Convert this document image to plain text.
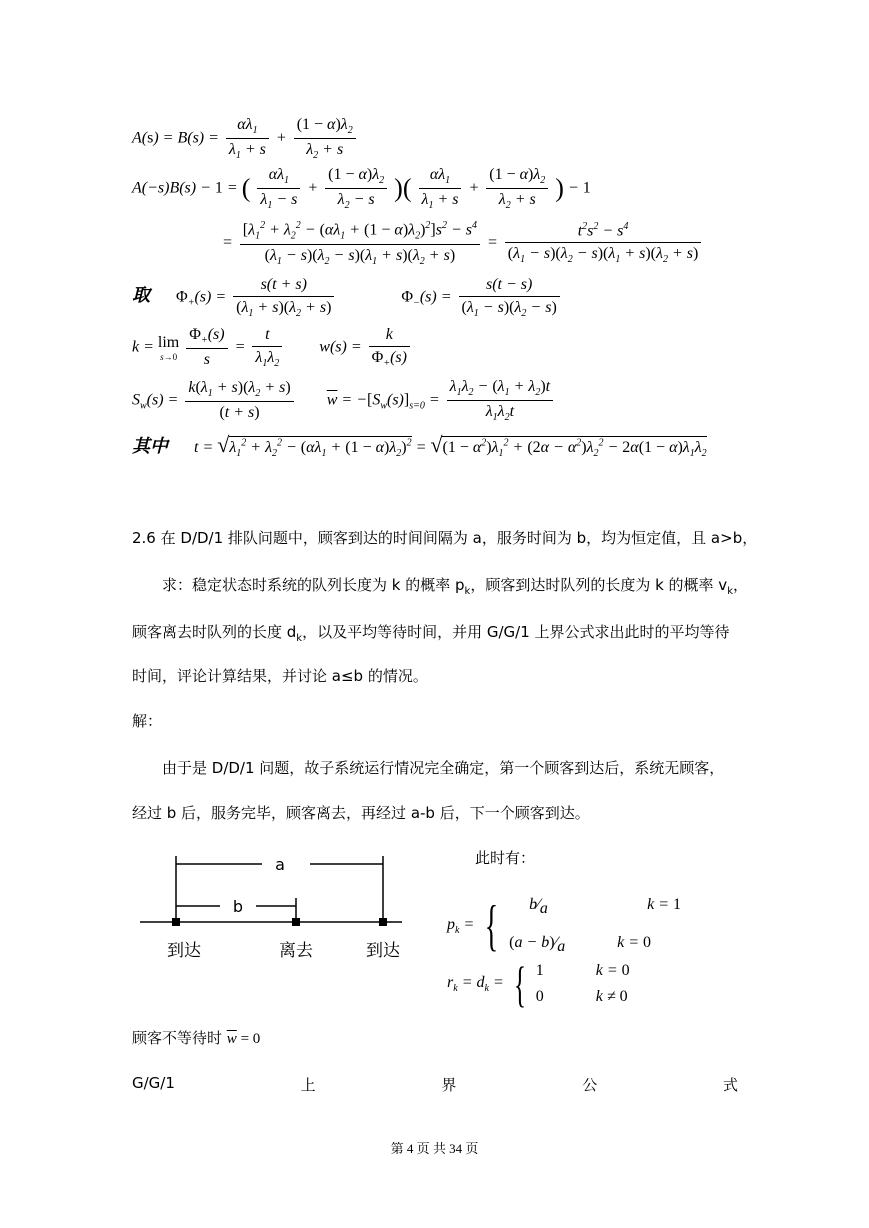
$A(s) = B(s) = \frac{\alpha\lambda_1}{\lambda_1 + s} + \frac{(1 - \alpha)\lambda_2}{\lambda_2 + s}$
A(−s)B(s) − 1 = ( $\frac{\alpha\lambda_1}{\lambda_1 - s} + \frac{(1 - \alpha)\lambda_2}{\lambda_2 - s}$ )( $\frac{\alpha\lambda_1}{\lambda_1 + s} + \frac{(1 - \alpha)\lambda_2}{\lambda_2 + s}$ ) − 1
= $\frac{[\lambda_1^2 + \lambda_2^2 - (\alpha\lambda_1 + (1 - \alpha)\lambda_2)^2]s^2 - s^4}{(\lambda_1 - s)(\lambda_2 - s)(\lambda_1 + s)(\lambda_2 + s)} = \frac{t^2s^2 - s^4}{(\lambda_1 - s)(\lambda_2 - s)(\lambda_1 + s)(\lambda_2 + s)}$
取 $\Phi_+(s) = \frac{s(t + s)}{(\lambda_1 + s)(\lambda_2 + s)}$	$\Phi_-(s) = \frac{s(t - s)}{(\lambda_1 - s)(\lambda_2 - s)}$
k = lim
s→0
$\frac{\Phi_+(s)}{s} = \frac{t}{\lambda_1\lambda_2} w(s) = \frac{k}{\Phi_+(s)}$
$S_w(s) = \frac{k(\lambda_1 + s)(\lambda_2 + s)}{(t + s)} \overline{w} = -[S_w(s)]_{s=0} = \frac{\lambda_1\lambda_2 - (\lambda_1 + \lambda_2)t}{\lambda_1\lambda_2t}$
其中 $t = √\lambda_1^2 + \lambda_2^2 - (\alpha\lambda_1 + (1 - \alpha)\lambda_2)^2 = √(1 - \alpha^2)\lambda_1^2 + (2\alpha - \alpha^2)\lambda_2^2 - 2\alpha(1 - \alpha)\lambda_1\lambda_2$
2.6 在 D/D/1 排队问题中，顾客到达的时间间隔为 a，服务时间为 b，均为恒定值，且 a>b，
求：稳定状态时系统的队列长度为 k 的概率 $p_k$，顾客到达时队列的长度为 k 的概率 $v_k$，
顾客离去时队列的长度 $d_k$，以及平均等待时间，并用 G/G/1 上界公式求出此时的平均等待
时间，评论计算结果，并讨论 a≤b 的情况。
解：
由于是 D/D/1 问题，故子系统运行情况完全确定，第一个顾客到达后，系统无顾客，
经过 b 后，服务完毕，顾客离去，再经过 a-b 后，下一个顾客到达。
a
b
到达	离去	到达
此时有：
$p_k$ = {	b⁄a	k = 1
(a − b)⁄a	k = 0
$r_k = d_k$ = { 1	k = 0
0	k ≠ 0
顾客不等待时 $\overline{w} = 0$
G/G/1	上	界	公	式
第 4 页 共 34 页
